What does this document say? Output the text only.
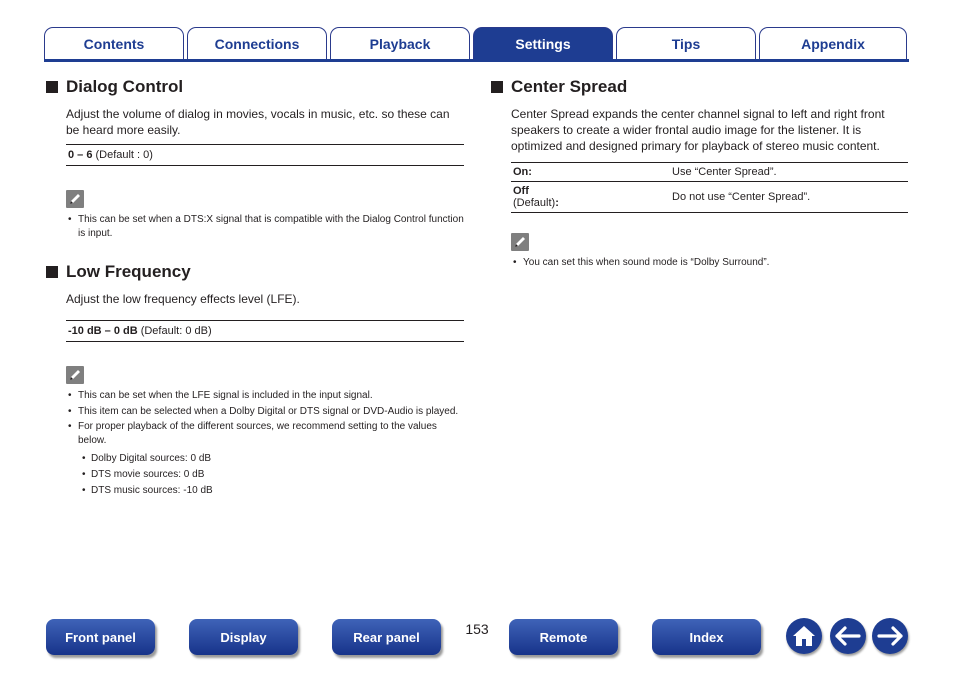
Contents	Connections	Playback	Settings	Tips	Appendix
Dialog Control

Adjust the volume of dialog in movies, vocals in music, etc. so these can be heard more easily.

0 – 6 (Default : 0)
• This can be set when a DTS:X signal that is compatible with the Dialog Control function is input.
Low Frequency

Adjust the low frequency effects level (LFE).

-10 dB – 0 dB (Default: 0 dB)
• This can be set when the LFE signal is included in the input signal.
• This item can be selected when a Dolby Digital or DTS signal or DVD-Audio is played.
• For proper playback of the different sources, we recommend setting to the values below.
• Dolby Digital sources: 0 dB
• DTS movie sources: 0 dB
• DTS music sources: -10 dB
Center Spread

Center Spread expands the center channel signal to left and right front speakers to create a wider frontal audio image for the listener. It is optimized and designed primary for playback of stereo music content.

On:	Use “Center Spread”.
Off
(Default):	Do not use “Center Spread”.
• You can set this when sound mode is “Dolby Surround”.
Front panel	Display	Rear panel	153	Remote	Index
